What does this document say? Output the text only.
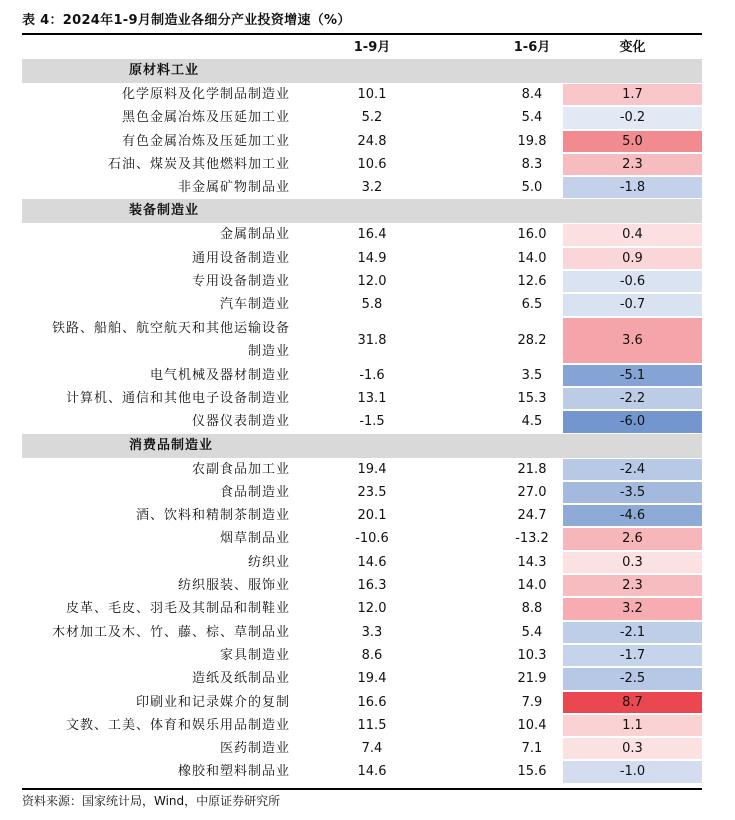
表 4：2024年1-9月制造业各细分产业投资增速（%）
1-9月	1-6月	变化
原材料工业
化学原料及化学制品制造业	10.1	8.4	1.7
黑色金属冶炼及压延加工业	5.2	5.4	-0.2
有色金属冶炼及压延加工业	24.8	19.8	5.0
石油、煤炭及其他燃料加工业	10.6	8.3	2.3
非金属矿物制品业	3.2	5.0	-1.8
装备制造业
金属制品业	16.4	16.0	0.4
通用设备制造业	14.9	14.0	0.9
专用设备制造业	12.0	12.6	-0.6
汽车制造业	5.8	6.5	-0.7
铁路、船舶、航空航天和其他运输设备
制造业
31.8	28.2	3.6
电气机械及器材制造业	-1.6	3.5	-5.1
计算机、通信和其他电子设备制造业	13.1	15.3	-2.2
仪器仪表制造业	-1.5	4.5	-6.0
消费品制造业
农副食品加工业	19.4	21.8	-2.4
食品制造业	23.5	27.0	-3.5
酒、饮料和精制茶制造业	20.1	24.7	-4.6
烟草制品业	-10.6	-13.2	2.6
纺织业	14.6	14.3	0.3
纺织服装、服饰业	16.3	14.0	2.3
皮革、毛皮、羽毛及其制品和制鞋业	12.0	8.8	3.2
木材加工及木、竹、藤、棕、草制品业	3.3	5.4	-2.1
家具制造业	8.6	10.3	-1.7
造纸及纸制品业	19.4	21.9	-2.5
印刷业和记录媒介的复制	16.6	7.9	8.7
文教、工美、体育和娱乐用品制造业	11.5	10.4	1.1
医药制造业	7.4	7.1	0.3
橡胶和塑料制品业	14.6	15.6	-1.0
资料来源：国家统计局，Wind，中原证券研究所
